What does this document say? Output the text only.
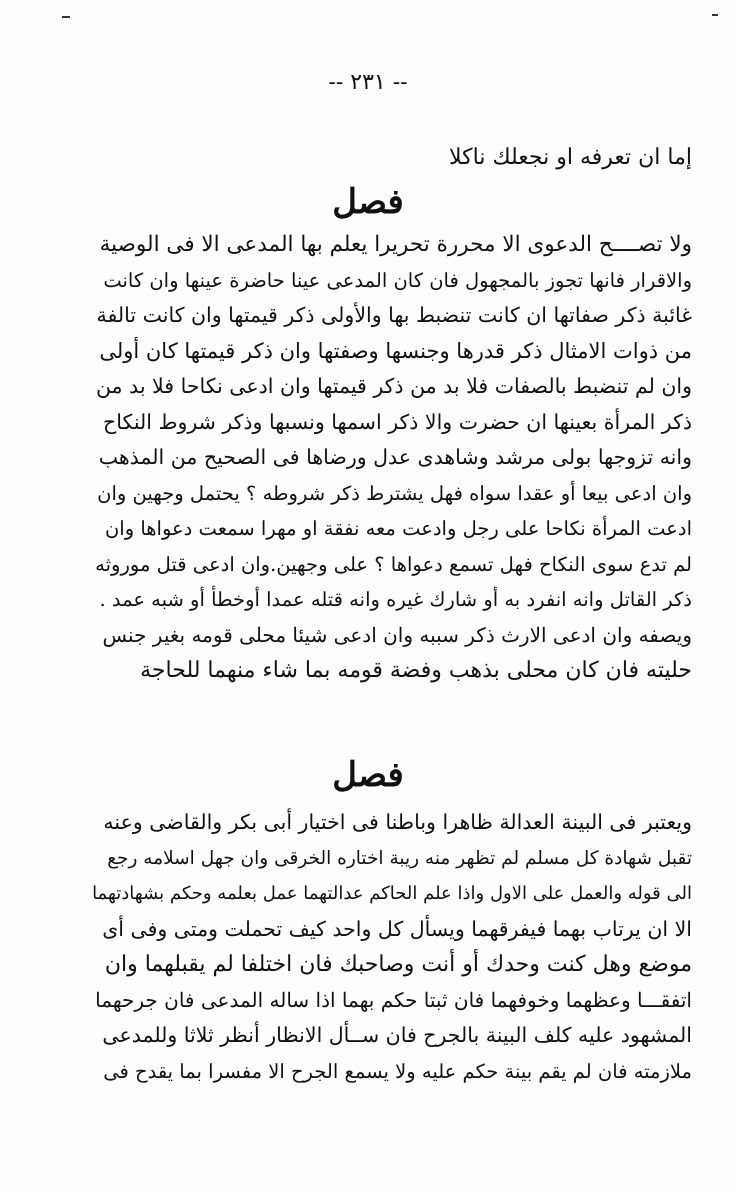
-- ٢٣١ --
إما ان تعرفه او نجعلك ناكلا
فصل
ولا تصــــح الدعوى الا محررة تحريرا يعلم بها المدعى الا فى الوصية
والاقرار فانها تجوز بالمجهول فان كان المدعى عينا حاضرة عينها وان كانت
غائبة ذكر صفاتها ان كانت تنضبط بها والأولى ذكر قيمتها وان كانت تالفة
من ذوات الامثال ذكر قدرها وجنسها وصفتها وان ذكر قيمتها كان أولى
وان لم تنضبط بالصفات فلا بد من ذكر قيمتها وان ادعى نكاحا فلا بد من
ذكر المرأة بعينها ان حضرت والا ذكر اسمها ونسبها وذكر شروط النكاح
وانه تزوجها بولى مرشد وشاهدى عدل ورضاها فى الصحيح من المذهب
وان ادعى بيعا أو عقدا سواه فهل يشترط ذكر شروطه ؟ يحتمل وجهين وان
ادعت المرأة نكاحا على رجل وادعت معه نفقة او مهرا سمعت دعواها وان
لم تدع سوى النكاح فهل تسمع دعواها ؟ على وجهين.وان ادعى قتل موروثه
ذكر القاتل وانه انفرد به أو شارك غيره وانه قتله عمدا أوخطأ أو شبه عمد .
ويصفه وان ادعى الارث ذكر سببه وان ادعى شيئا محلى قومه بغير جنس
حليته فان كان محلى بذهب وفضة قومه بما شاء منهما للحاجة
فصل
ويعتبر فى البينة العدالة ظاهرا وباطنا فى اختيار أبى بكر والقاضى وعنه
تقبل شهادة كل مسلم لم تظهر منه ريبة اختاره الخرقى وان جهل اسلامه رجع
الى قوله والعمل على الاول واذا علم الحاكم عدالتهما عمل بعلمه وحكم بشهادتهما
الا ان يرتاب بهما فيفرقهما ويسأل كل واحد كيف تحملت ومتى وفى أى
موضع وهل كنت وحدك أو أنت وصاحبك فان اختلفا لم يقبلهما وان
اتفقـــا وعظهما وخوفهما فان ثبتا حكم بهما اذا ساله المدعى فان جرحهما
المشهود عليه كلف البينة بالجرح فان ســأل الانظار أنظر ثلاثا وللمدعى
ملازمته فان لم يقم بينة حكم عليه ولا يسمع الجرح الا مفسرا بما يقدح فى
